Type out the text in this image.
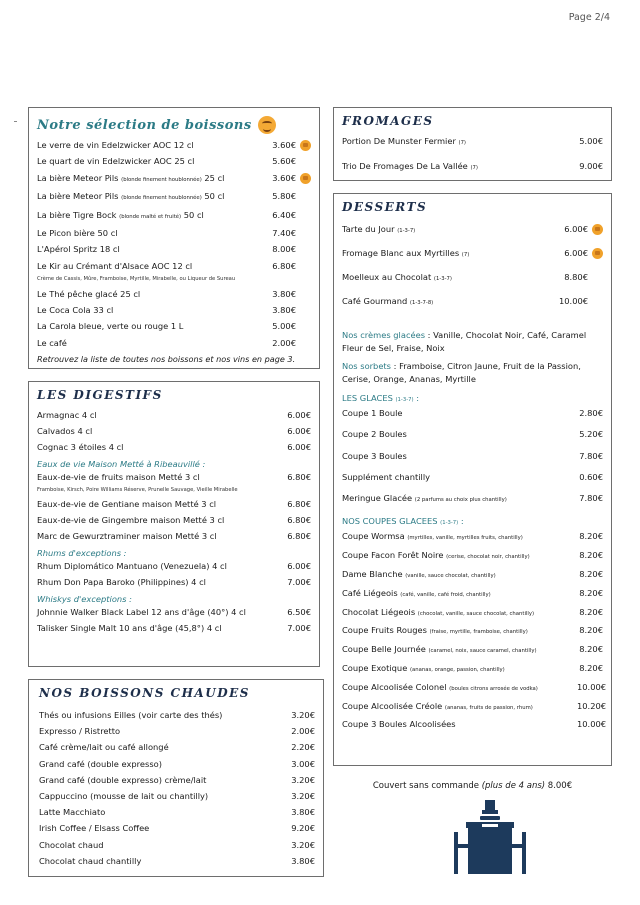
Page 2/4
Notre sélection de boissons
Le verre de vin Edelzwicker AOC 12 cl	3.60€
Le quart de vin Edelzwicker AOC 25 cl	5.60€
La bière Meteor Pils (blonde finement houblonnée) 25 cl	3.60€
La bière Meteor Pils (blonde finement houblonnée) 50 cl	5.80€
La bière Tigre Bock (blonde malté et fruité) 50 cl	6.40€
Le Picon bière 50 cl	7.40€
L'Apérol Spritz 18 cl	8.00€
Le Kir au Crémant d'Alsace AOC 12 cl	6.80€
Crème de Cassis, Mûre, Framboise, Myrtille, Mirabelle, ou Liqueur de Sureau
Le Thé pêche glacé 25 cl	3.80€
Le Coca Cola 33 cl	3.80€
La Carola bleue, verte ou rouge 1 L	5.00€
Le café	2.00€
Retrouvez la liste de toutes nos boissons et nos vins en page 3.
LES DIGESTIFS
Armagnac 4 cl	6.00€
Calvados 4 cl	6.00€
Cognac 3 étoiles 4 cl	6.00€
Eaux de vie Maison Metté à Ribeauvillé :
Eaux-de-vie de fruits maison Metté 3 cl	6.80€
Framboise, Kirsch, Poire Williams Réserve, Prunelle Sauvage, Vieille Mirabelle
Eaux-de-vie de Gentiane maison Metté 3 cl	6.80€
Eaux-de-vie de Gingembre maison Metté 3 cl	6.80€
Marc de Gewurztraminer maison Metté 3 cl	6.80€
Rhums d'exceptions :
Rhum Diplomático Mantuano (Venezuela) 4 cl	6.00€
Rhum Don Papa Baroko (Philippines) 4 cl	7.00€
Whiskys d'exceptions :
Johnnie Walker Black Label 12 ans d'âge (40°) 4 cl	6.50€
Talisker Single Malt 10 ans d'âge (45,8°) 4 cl	7.00€
NOS BOISSONS CHAUDES
Thés ou infusions Eilles (voir carte des thés)	3.20€
Expresso / Ristretto	2.00€
Café crème/lait ou café allongé	2.20€
Grand café (double expresso)	3.00€
Grand café (double expresso) crème/lait	3.20€
Cappuccino (mousse de lait ou chantilly)	3.20€
Latte Macchiato	3.80€
Irish Coffee / Elsass Coffee	9.20€
Chocolat chaud	3.20€
Chocolat chaud chantilly	3.80€
FROMAGES
Portion De Munster Fermier (7)	5.00€
Trio De Fromages De La Vallée (7)	9.00€
DESSERTS
Tarte du Jour (1-3-7)	6.00€
Fromage Blanc aux Myrtilles (7)	6.00€
Moelleux au Chocolat (1-3-7)	8.80€
Café Gourmand (1-3-7-8)	10.00€
Nos crèmes glacées : Vanille, Chocolat Noir, Café, Caramel Fleur de Sel, Fraise, Noix
Nos sorbets : Framboise, Citron Jaune, Fruit de la Passion, Cerise, Orange, Ananas, Myrtille
LES GLACES (1-3-7) :
Coupe 1 Boule	2.80€
Coupe 2 Boules	5.20€
Coupe 3 Boules	7.80€
Supplément chantilly	0.60€
Meringue Glacée (2 parfums au choix plus chantilly)	7.80€
NOS COUPES GLACEES (1-3-7) :
Coupe Wormsa (myrtilles, vanille, myrtilles fruits, chantilly)	8.20€
Coupe Facon Forêt Noire (cerise, chocolat noir, chantilly)	8.20€
Dame Blanche (vanille, sauce chocolat, chantilly)	8.20€
Café Liégeois (café, vanille, café froid, chantilly)	8.20€
Chocolat Liégeois (chocolat, vanille, sauce chocolat, chantilly)	8.20€
Coupe Fruits Rouges (fraise, myrtille, framboise, chantilly)	8.20€
Coupe Belle Journée (caramel, noix, sauce caramel, chantilly)	8.20€
Coupe Exotique (ananas, orange, passion, chantilly)	8.20€
Coupe Alcoolisée Colonel (boules citrons arrosée de vodka)	10.00€
Coupe Alcoolisée Créole (ananas, fruits de passion, rhum)	10.20€
Coupe 3 Boules Alcoolisées	10.00€
Couvert sans commande (plus de 4 ans) 8.00€
